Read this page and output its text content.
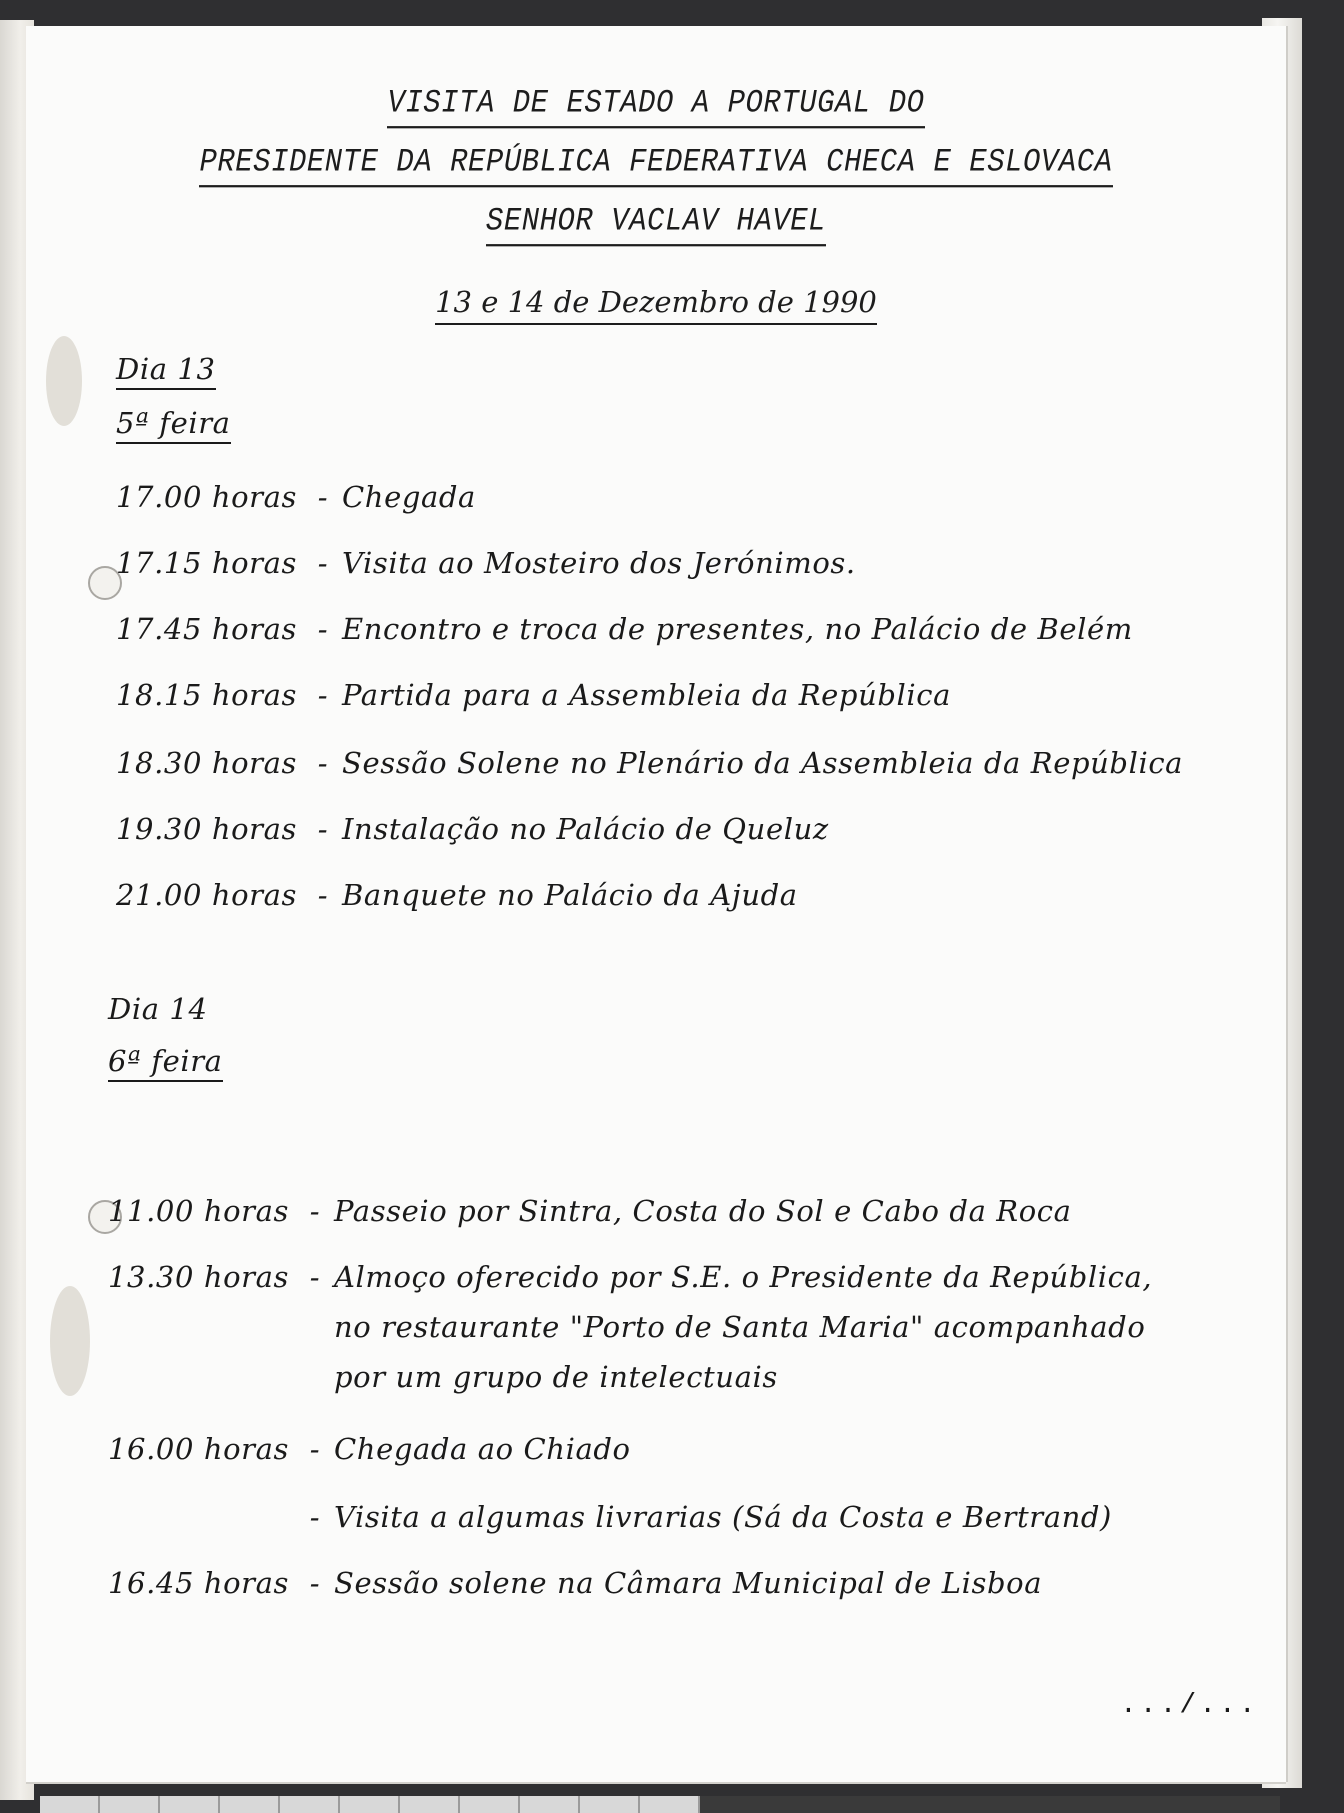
VISITA DE ESTADO A PORTUGAL DO
PRESIDENTE DA REPÚBLICA FEDERATIVA CHECA E ESLOVACA
SENHOR VACLAV HAVEL
13 e 14 de Dezembro de 1990
Dia 13
5ª feira
17.00 horas - Chegada
17.15 horas - Visita ao Mosteiro dos Jerónimos.
17.45 horas - Encontro e troca de presentes, no Palácio de Belém
18.15 horas - Partida para a Assembleia da República
18.30 horas - Sessão Solene no Plenário da Assembleia da República
19.30 horas - Instalação no Palácio de Queluz
21.00 horas - Banquete no Palácio da Ajuda
Dia 14
6ª feira
11.00 horas - Passeio por Sintra, Costa do Sol e Cabo da Roca
13.30 horas - Almoço oferecido por S.E. o Presidente da República,
no restaurante "Porto de Santa Maria" acompanhado
por um grupo de intelectuais
16.00 horas - Chegada ao Chiado
- Visita a algumas livrarias (Sá da Costa e Bertrand)
16.45 horas - Sessão solene na Câmara Municipal de Lisboa
.../...
